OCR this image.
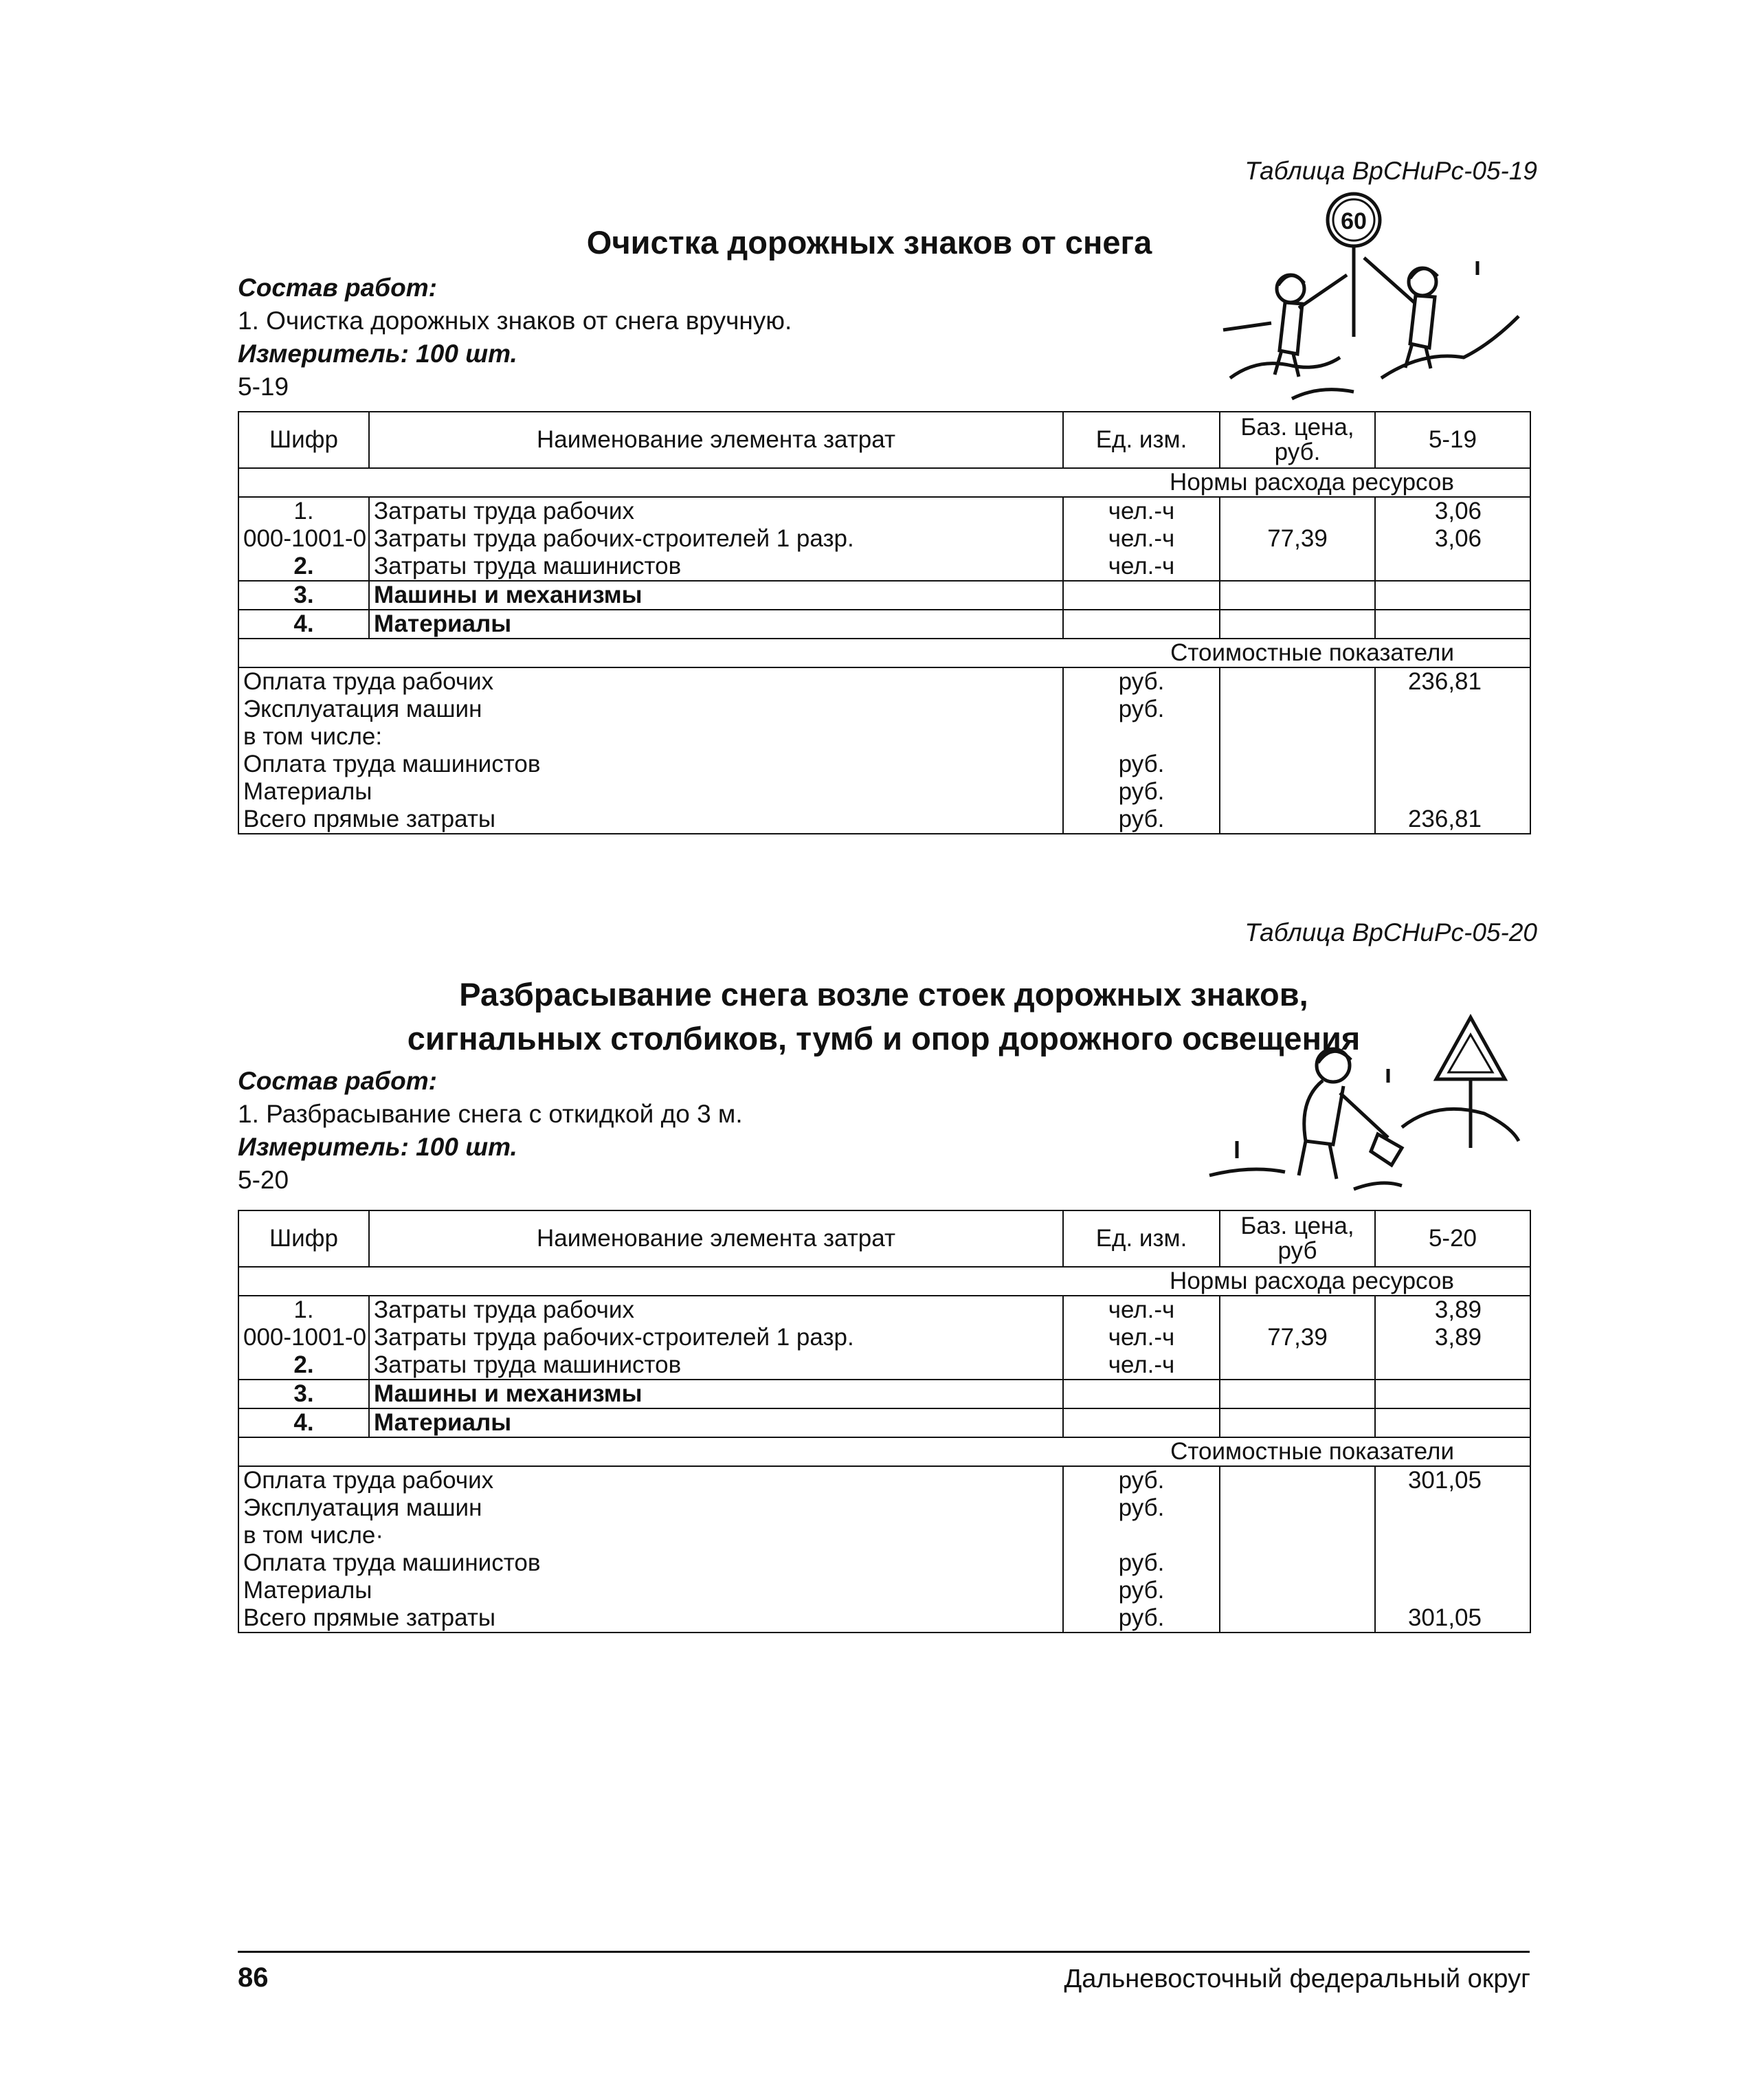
Таблица ВрСНиРс-05-19
Очистка дорожных знаков от снега
Состав работ:
1. Очистка дорожных знаков от снега вручную.
Измеритель: 100 шт.
5-19
60
Шифр	Наименование элемента затрат	Ед. изм.	Баз. цена, руб.	5-19
Нормы расхода ресурсов				
1.	Затраты труда рабочих	чел.-ч		3,06
000-1001-0	Затраты труда рабочих-строителей 1 разр.	чел.-ч	77,39	3,06
2.	Затраты труда машинистов	чел.-ч		
3.	Машины и механизмы			
4.	Материалы			
Стоимостные показатели				
Оплата труда рабочих		руб.		236,81
Эксплуатация машин		руб.		
в том числе:				
Оплата труда машинистов		руб.		
Материалы		руб.		
Всего прямые затраты		руб.		236,81
Таблица ВрСНиРс-05-20
Разбрасывание снега возле стоек дорожных знаков,
сигнальных столбиков, тумб и опор дорожного освещения
Состав работ:
1. Разбрасывание снега с откидкой до 3 м.
Измеритель: 100 шт.
5-20
Шифр	Наименование элемента затрат	Ед. изм.	Баз. цена, руб	5-20
Нормы расхода ресурсов				
1.	Затраты труда рабочих	чел.-ч		3,89
000-1001-0	Затраты труда рабочих-строителей 1 разр.	чел.-ч	77,39	3,89
2.	Затраты труда машинистов	чел.-ч		
3.	Машины и механизмы			
4.	Материалы			
Стоимостные показатели				
Оплата труда рабочих		руб.		301,05
Эксплуатация машин		руб.		
в том числе·				
Оплата труда машинистов		руб.		
Материалы		руб.		
Всего прямые затраты		руб.		301,05
86	Дальневосточный федеральный округ
